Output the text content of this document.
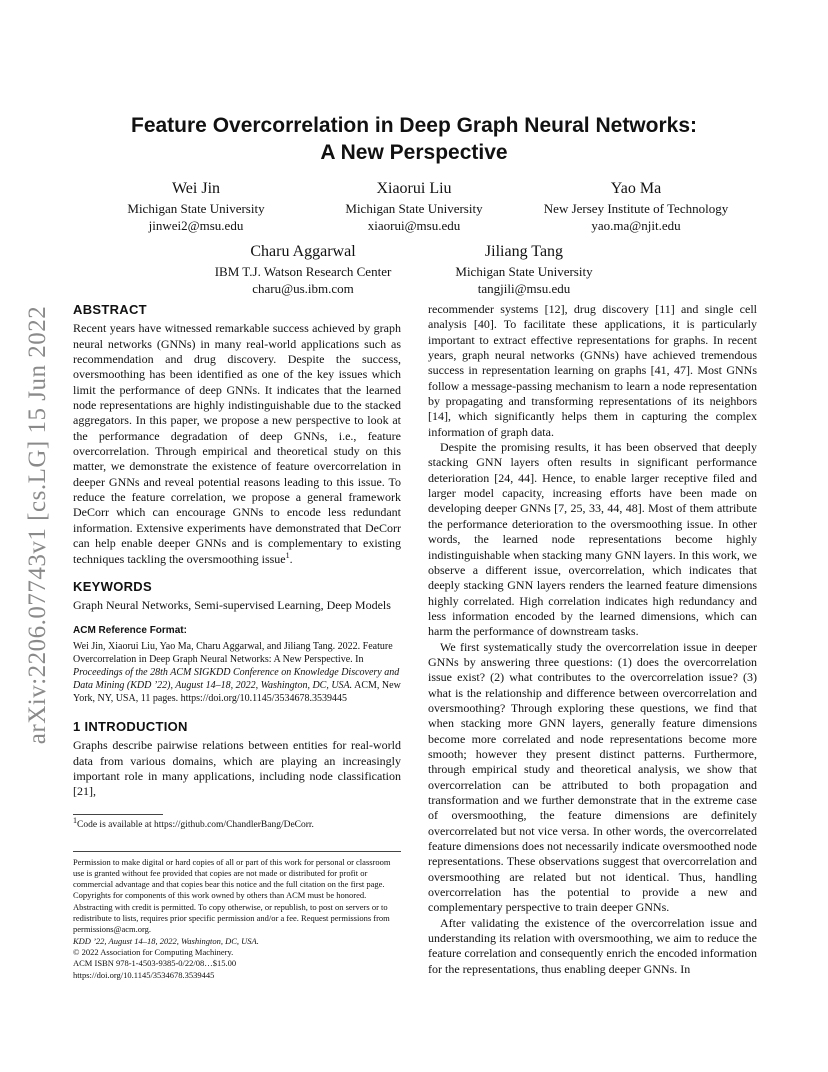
arXiv:2206.07743v1 [cs.LG] 15 Jun 2022
Feature Overcorrelation in Deep Graph Neural Networks:
A New Perspective
Wei Jin
Michigan State University
jinwei2@msu.edu
Xiaorui Liu
Michigan State University
xiaorui@msu.edu
Yao Ma
New Jersey Institute of Technology
yao.ma@njit.edu
Charu Aggarwal
IBM T.J. Watson Research Center
charu@us.ibm.com
Jiliang Tang
Michigan State University
tangjili@msu.edu
ABSTRACT

Recent years have witnessed remarkable success achieved by graph neural networks (GNNs) in many real-world applications such as recommendation and drug discovery. Despite the success, oversmoothing has been identified as one of the key issues which limit the performance of deep GNNs. It indicates that the learned node representations are highly indistinguishable due to the stacked aggregators. In this paper, we propose a new perspective to look at the performance degradation of deep GNNs, i.e., feature overcorrelation. Through empirical and theoretical study on this matter, we demonstrate the existence of feature overcorrelation in deeper GNNs and reveal potential reasons leading to this issue. To reduce the feature correlation, we propose a general framework DeCorr which can encourage GNNs to encode less redundant information. Extensive experiments have demonstrated that DeCorr can help enable deeper GNNs and is complementary to existing techniques tackling the oversmoothing issue$^1$.

KEYWORDS

Graph Neural Networks, Semi-supervised Learning, Deep Models

ACM Reference Format:

Wei Jin, Xiaorui Liu, Yao Ma, Charu Aggarwal, and Jiliang Tang. 2022. Feature Overcorrelation in Deep Graph Neural Networks: A New Perspective. In Proceedings of the 28th ACM SIGKDD Conference on Knowledge Discovery and Data Mining (KDD ’22), August 14–18, 2022, Washington, DC, USA. ACM, New York, NY, USA, 11 pages. https://doi.org/10.1145/3534678.3539445

1 INTRODUCTION

Graphs describe pairwise relations between entities for real-world data from various domains, which are playing an increasingly important role in many applications, including node classification [21],

$^1$Code is available at https://github.com/ChandlerBang/DeCorr.

Permission to make digital or hard copies of all or part of this work for personal or classroom use is granted without fee provided that copies are not made or distributed for profit or commercial advantage and that copies bear this notice and the full citation on the first page. Copyrights for components of this work owned by others than ACM must be honored. Abstracting with credit is permitted. To copy otherwise, or republish, to post on servers or to redistribute to lists, requires prior specific permission and/or a fee. Request permissions from permissions@acm.org.
KDD ’22, August 14–18, 2022, Washington, DC, USA.
© 2022 Association for Computing Machinery.
ACM ISBN 978-1-4503-9385-0/22/08…$15.00
https://doi.org/10.1145/3534678.3539445

recommender systems [12], drug discovery [11] and single cell analysis [40]. To facilitate these applications, it is particularly important to extract effective representations for graphs. In recent years, graph neural networks (GNNs) have achieved tremendous success in representation learning on graphs [41, 47]. Most GNNs follow a message-passing mechanism to learn a node representation by propagating and transforming representations of its neighbors [14], which significantly helps them in capturing the complex information of graph data.

Despite the promising results, it has been observed that deeply stacking GNN layers often results in significant performance deterioration [24, 44]. Hence, to enable larger receptive filed and larger model capacity, increasing efforts have been made on developing deeper GNNs [7, 25, 33, 44, 48]. Most of them attribute the performance deterioration to the oversmoothing issue. In other words, the learned node representations become highly indistinguishable when stacking many GNN layers. In this work, we observe a different issue, overcorrelation, which indicates that deeply stacking GNN layers renders the learned feature dimensions highly correlated. High correlation indicates high redundancy and less information encoded by the learned dimensions, which can harm the performance of downstream tasks.

We first systematically study the overcorrelation issue in deeper GNNs by answering three questions: (1) does the overcorrelation issue exist? (2) what contributes to the overcorrelation issue? (3) what is the relationship and difference between overcorrelation and oversmoothing? Through exploring these questions, we find that when stacking more GNN layers, generally feature dimensions become more correlated and node representations become more smooth; however they present distinct patterns. Furthermore, through empirical study and theoretical analysis, we show that overcorrelation can be attributed to both propagation and transformation and we further demonstrate that in the extreme case of oversmoothing, the feature dimensions are definitely overcorrelated but not vice versa. In other words, the overcorrelated feature dimensions does not necessarily indicate oversmoothed node representations. These observations suggest that overcorrelation and oversmoothing are related but not identical. Thus, handling overcorrelation has the potential to provide a new and complementary perspective to train deeper GNNs.

After validating the existence of the overcorrelation issue and understanding its relation with oversmoothing, we aim to reduce the feature correlation and consequently enrich the encoded information for the representations, thus enabling deeper GNNs. In
